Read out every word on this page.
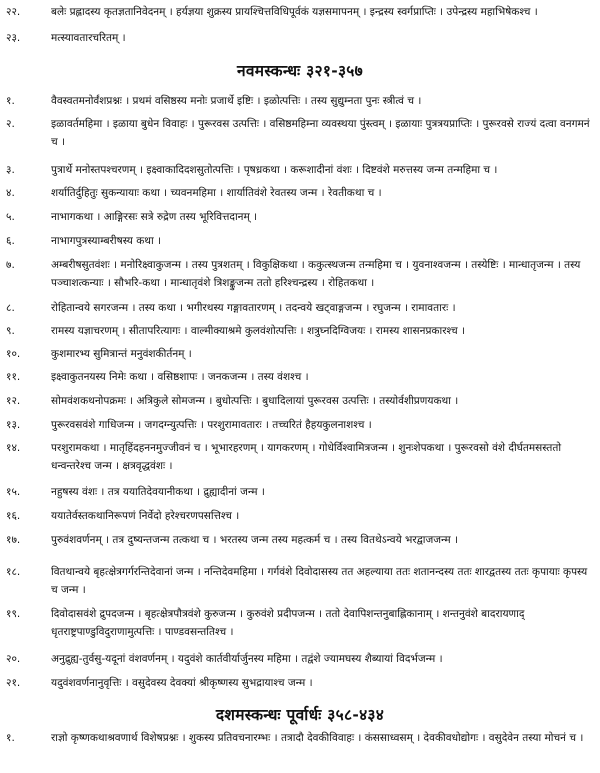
२२.	बलेः प्रह्लादस्य कृतज्ञतानिवेदनम् । हर्यज्ञया शुक्रस्य प्रायश्चित्तविधिपूर्वकं यज्ञसमापनम् । इन्द्रस्य स्वर्गप्राप्तिः । उपेन्द्रस्य महाभिषेकश्च ।
२३.	मत्स्यावतारचरितम् ।
नवमस्कन्धः ३२१-३५७
१.	वैवस्वतमनोर्वंशप्रश्नः । प्रथमं वसिष्ठस्य मनोः प्रजार्थे इष्टिः । इळोत्पत्तिः । तस्य सुद्युम्नता पुनः स्त्रीत्वं च ।
२.	इळावर्तमहिमा । इळाया बुधेन विवाहः । पुरूरवस उत्पत्तिः । वसिष्ठमहिम्ना व्यवस्थया पुंस्त्वम् । इळायाः पुत्रत्रयप्राप्तिः । पुरूरवसे राज्यं दत्वा वनगमनं च ।
३.	पुत्रार्थे मनोस्तपश्चरणम् । इक्ष्वाकादिदशसुतोत्पत्तिः । पृषध्रकथा । करूशादीनां वंशः । दिष्टवंशे मरुत्तस्य जन्म तन्महिमा च ।
४.	शर्यातिर्दुहितुः सुकन्यायाः कथा । च्यवनमहिमा । शार्यातिवंशे रेवतस्य जन्म । रेवतीकथा च ।
५.	नाभागकथा । आङ्गिरसः सत्रे रुद्रेण तस्य भूरिवित्तदानम् ।
६.	नाभागपुत्रस्याम्बरीषस्य कथा ।
७.	अम्बरीषसुतवंशः । मनोरिक्ष्वाकुजन्म । तस्य पुत्रशतम् । विकुक्षिकथा । ककुत्स्थजन्म तन्महिमा च । युवनाश्वजन्म । तस्येष्टिः । मान्धातृजन्म । तस्य पञ्चाशत्कन्याः । सौभरि-कथा । मान्धातृवंशे त्रिशङ्कुजन्म ततो हरिश्चन्द्रस्य । रोहितकथा ।
८.	रोहितान्वये सगरजन्म । तस्य कथा । भगीरथस्य गङ्गावतारणम् । तदन्वये खट्वाङ्गजन्म । रघुजन्म । रामावतारः ।
९.	रामस्य यज्ञाचरणम् । सीतापरित्यागः । वाल्मीक्याश्रमे कुलवंशोत्पत्तिः । शत्रुघ्नदिग्विजयः । रामस्य शासनप्रकारश्च ।
१०.	कुशमारभ्य सुमित्रान्तं मनुवंशकीर्तनम् ।
११.	इक्ष्वाकुतनयस्य निमेः कथा । वसिष्ठशापः । जनकजन्म । तस्य वंशश्च ।
१२.	सोमवंशकथनोपक्रमः । अत्रिकुले सोमजन्म । बुधोत्पत्तिः । बुधादिलायां पुरूरवस उत्पत्तिः । तस्योर्वशीप्रणयकथा ।
१३.	पुरूरवसवंशे गाधिजन्म । जगदग्न्युत्पत्तिः । परशुरामावतारः । तच्चरितं हैहयकुलनाशश्च ।
१४.	परशुरामकथा । मातृहिंदहननमुज्जीवनं च । भूभारहरणम् । यागकरणम् । गोधेर्विश्वामित्रजन्म । शुनःशेपकथा । पुरूरवसो वंशे दीर्घतमसस्ततो धन्वन्तरेश्च जन्म । क्षत्रवृद्धवंशः ।
१५.	नहुषस्य वंशः । तत्र ययातिदेवयानीकथा । द्रुह्यादीनां जन्म ।
१६.	ययातेर्वस्तकथानिरूपणं निर्वेदो हरेश्चरणपसत्तिश्च ।
१७.	पुरुवंशवर्णनम् । तत्र दुष्यन्तजन्म तत्कथा च । भरतस्य जन्म तस्य महत्कर्म च । तस्य वितथेऽन्वये भरद्वाजजन्म ।
१८.	वितथान्वये बृहत्क्षेत्रगर्गरन्तिदेवानां जन्म । नन्तिदेवमहिमा । गर्गवंशे दिवोदासस्य तत अहल्याया ततः शतानन्दस्य ततः शारद्वतस्य ततः कृपायाः कृपस्य च जन्म ।
१९.	दिवोदासवंशे द्रुपदजन्म । बृहत्क्षेत्रपौत्रवंशे कुरुजन्म । कुरुवंशे प्रदीपजन्म । ततो देवापिशन्तनुबाह्लिकानाम् । शन्तनुवंशे बादरायणाद् धृतराष्ट्रपाण्डुविदुराणामुत्पत्तिः । पाण्डवसन्ततिश्च ।
२०.	अनुद्रुह्य-तुर्वसु-यदूनां वंशवर्णनम् । यदुवंशे कार्तवीर्यार्जुनस्य महिमा । तद्वंशे ज्यामघस्य शैब्यायां विदर्भजन्म ।
२१.	यदुवंशवर्णनानुवृत्तिः । वसुदेवस्य देवक्यां श्रीकृष्णस्य सुभद्रायाश्च जन्म ।
दशमस्कन्धः पूर्वार्धः ३५८-४३४
१.	राज्ञो कृष्णकथाश्रवणार्थ विशेषप्रश्नः । शुकस्य प्रतिवचनारम्भः । तत्रादौ देवकीविवाहः । कंससाध्वसम् । देवकीवधोद्योगः । वसुदेवेन तस्या मोचनं च ।
